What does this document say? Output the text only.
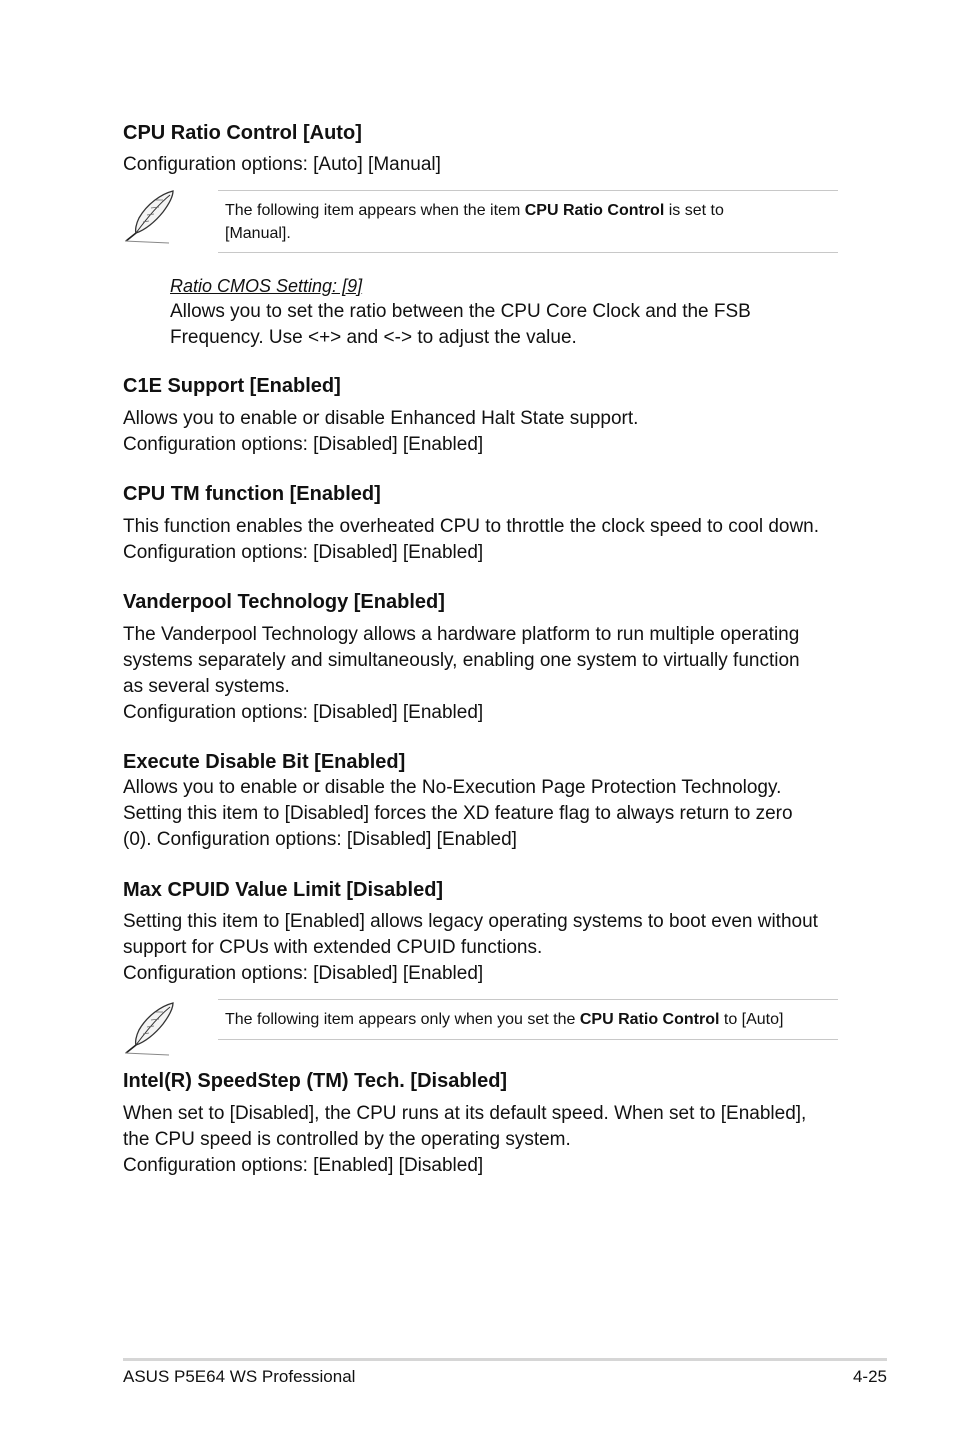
CPU Ratio Control [Auto]

Configuration options: [Auto] [Manual]

The following item appears when the item CPU Ratio Control is set to
[Manual].

Ratio CMOS Setting: [9]

Allows you to set the ratio between the CPU Core Clock and the FSB

Frequency. Use <+> and <-> to adjust the value.

C1E Support [Enabled]

Allows you to enable or disable Enhanced Halt State support.

Configuration options: [Disabled] [Enabled]

CPU TM function [Enabled]

This function enables the overheated CPU to throttle the clock speed to cool down.

Configuration options: [Disabled] [Enabled]

Vanderpool Technology [Enabled]

The Vanderpool Technology allows a hardware platform to run multiple operating

systems separately and simultaneously, enabling one system to virtually function

as several systems.

Configuration options: [Disabled] [Enabled]

Execute Disable Bit [Enabled]

Allows you to enable or disable the No-Execution Page Protection Technology.

Setting this item to [Disabled] forces the XD feature flag to always return to zero

(0). Configuration options: [Disabled] [Enabled]

Max CPUID Value Limit [Disabled]

Setting this item to [Enabled] allows legacy operating systems to boot even without

support for CPUs with extended CPUID functions.

Configuration options: [Disabled] [Enabled]

The following item appears only when you set the CPU Ratio Control to [Auto]
Intel(R) SpeedStep (TM) Tech. [Disabled]

When set to [Disabled], the CPU runs at its default speed. When set to [Enabled],

the CPU speed is controlled by the operating system.

Configuration options: [Enabled] [Disabled]

ASUS P5E64 WS Professional	4-25
